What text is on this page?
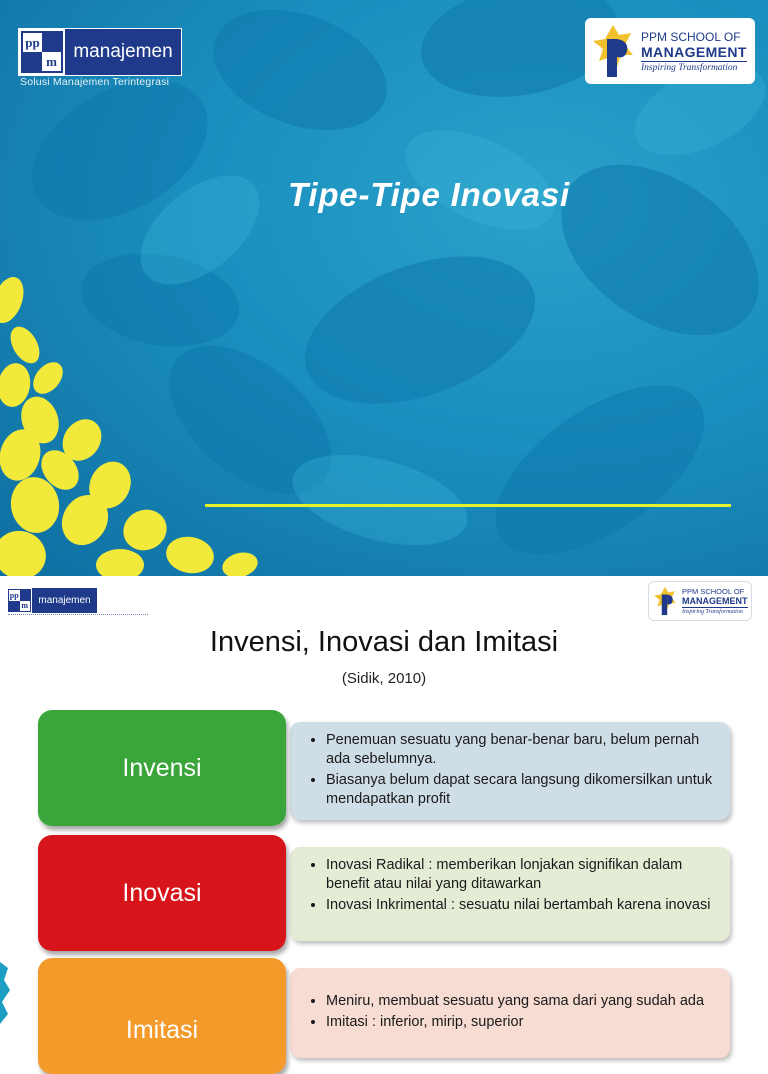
pp
m manajemen
Solusi Manajemen Terintegrasi
PPM SCHOOL OF
MANAGEMENT
Inspiring Transformation
Tipe-Tipe Inovasi
pp
m	manajemen
PPM SCHOOL OF
MANAGEMENT
Inspiring Transformation
Invensi, Inovasi dan Imitasi
(Sidik, 2010)
• Penemuan sesuatu yang benar-benar baru, belum pernah ada sebelumnya.
• Biasanya belum dapat secara langsung dikomersilkan untuk mendapatkan profit
Invensi
• Inovasi Radikal : memberikan lonjakan signifikan dalam benefit atau nilai yang ditawarkan
• Inovasi Inkrimental : sesuatu nilai bertambah karena inovasi
Inovasi
• Meniru, membuat sesuatu yang sama dari yang sudah ada
• Imitasi : inferior, mirip, superior
Imitasi
